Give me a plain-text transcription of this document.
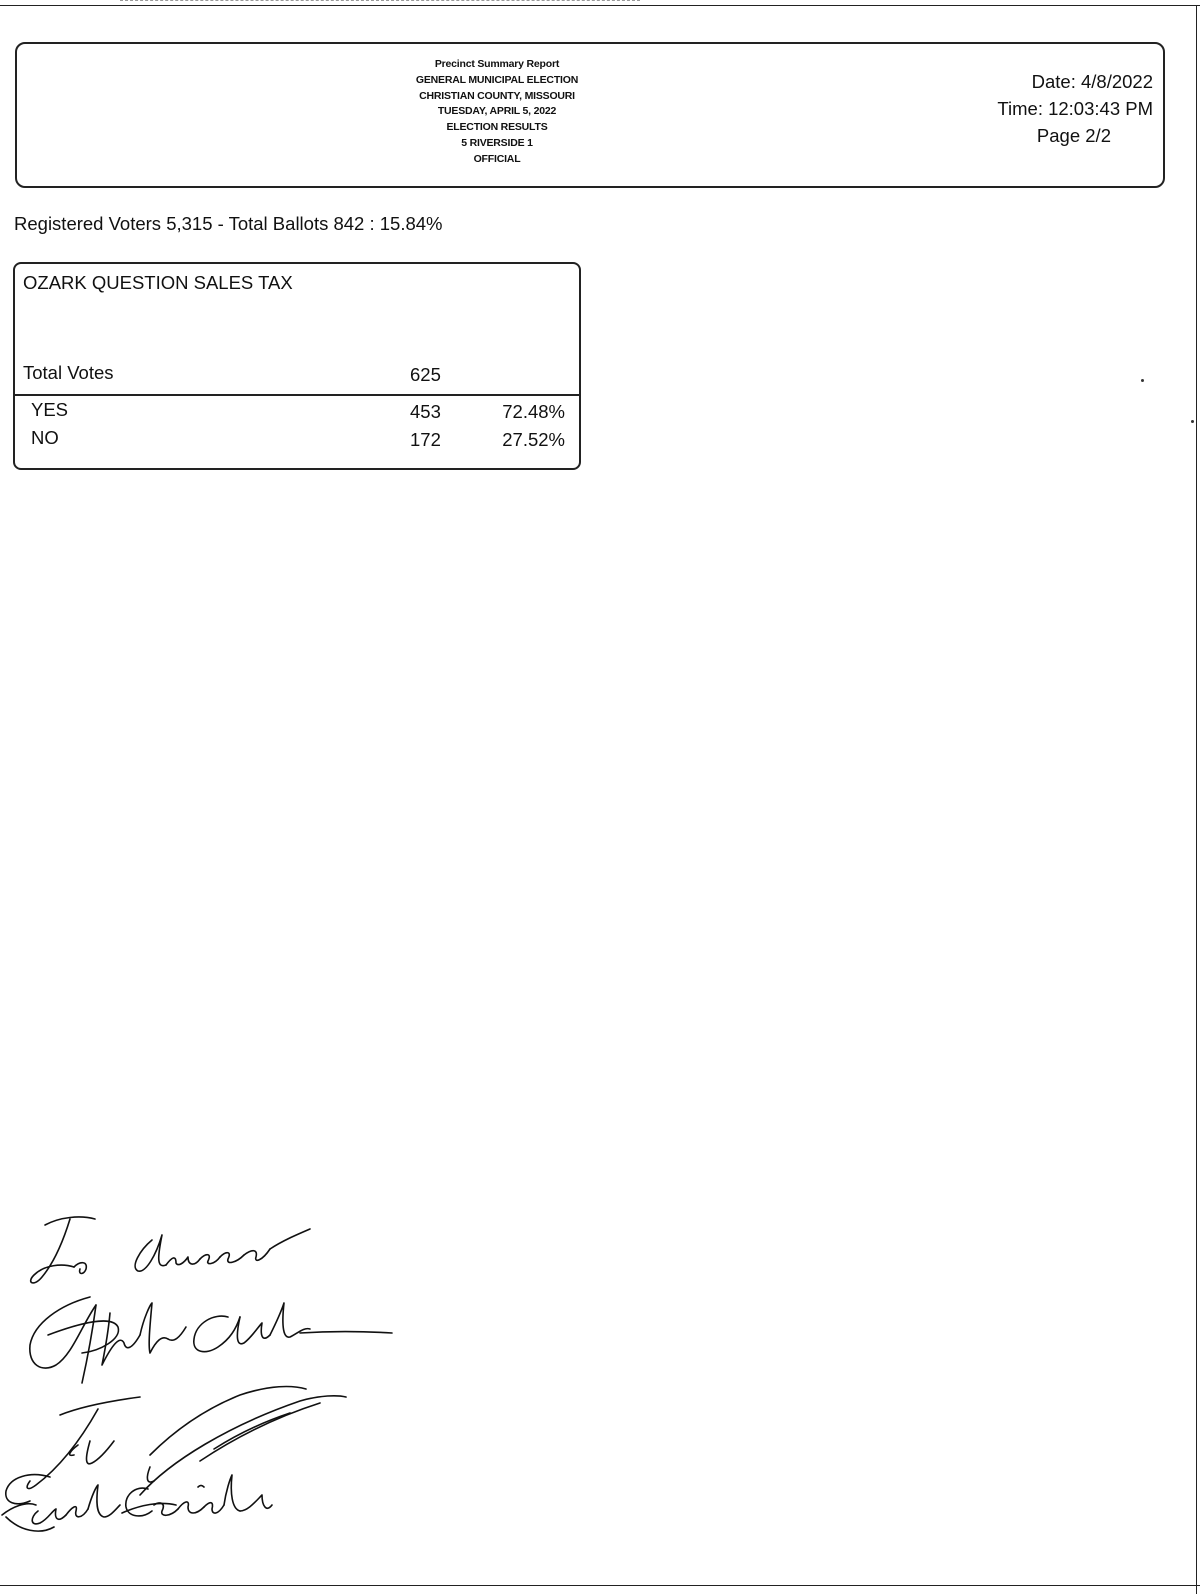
Precinct Summary Report
GENERAL MUNICIPAL ELECTION
CHRISTIAN COUNTY, MISSOURI
TUESDAY, APRIL 5, 2022
ELECTION RESULTS
5 RIVERSIDE 1
OFFICIAL
Date: 4/8/2022
Time: 12:03:43 PM
Page 2/2
Registered Voters 5,315 - Total Ballots 842 : 15.84%
OZARK QUESTION SALES TAX
Total Votes	625
YES	453	72.48%
NO	172	27.52%
